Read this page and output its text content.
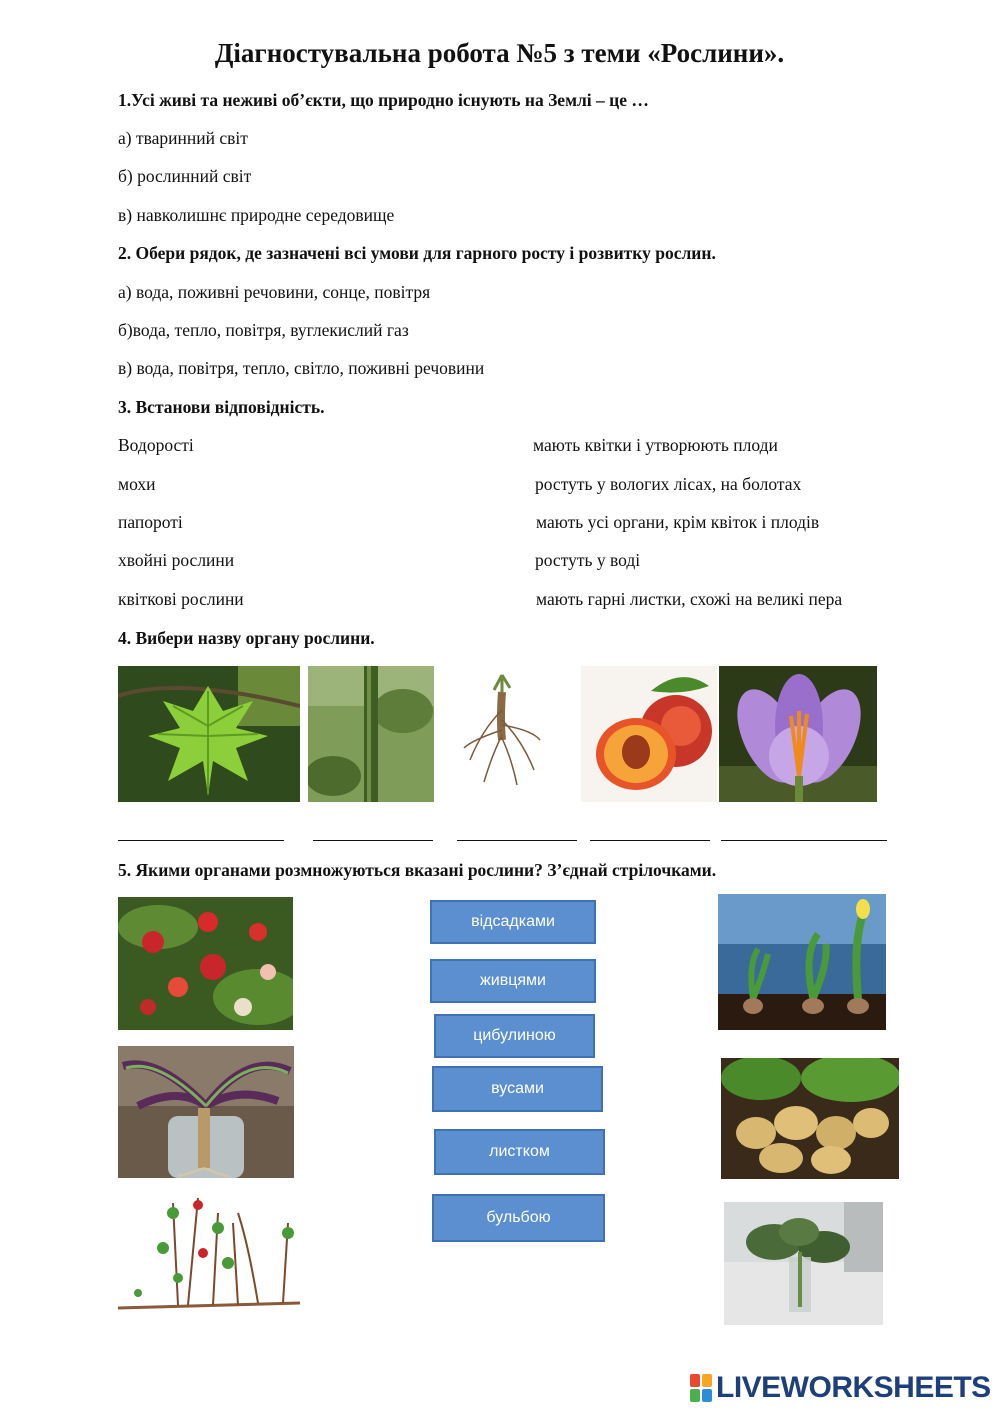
Діагностувальна робота №5 з теми «Рослини».
1.Усі живі та неживі об’єкти, що природно існують на Землі – це …
а) тваринний світ
б) рослинний світ
в) навколишнє природне середовище
2. Обери рядок, де зазначені всі умови для гарного росту і розвитку рослин.
а) вода, поживні речовини, сонце, повітря
б)вода, тепло, повітря, вуглекислий газ
в) вода, повітря, тепло, світло, поживні речовини
3. Встанови відповідність.
Водорості
мохи
папороті
хвойні рослини
квіткові рослини
мають квітки і утворюють плоди
ростуть у вологих лісах, на болотах
мають усі органи, крім квіток і плодів
ростуть у воді
мають гарні листки, схожі на великі пера
4. Вибери назву органу рослини.
5. Якими органами розмножуються вказані рослини? З’єднай стрілочками.
відсадками
живцями
цибулиною
вусами
листком
бульбою
LIVEWORKSHEETS
